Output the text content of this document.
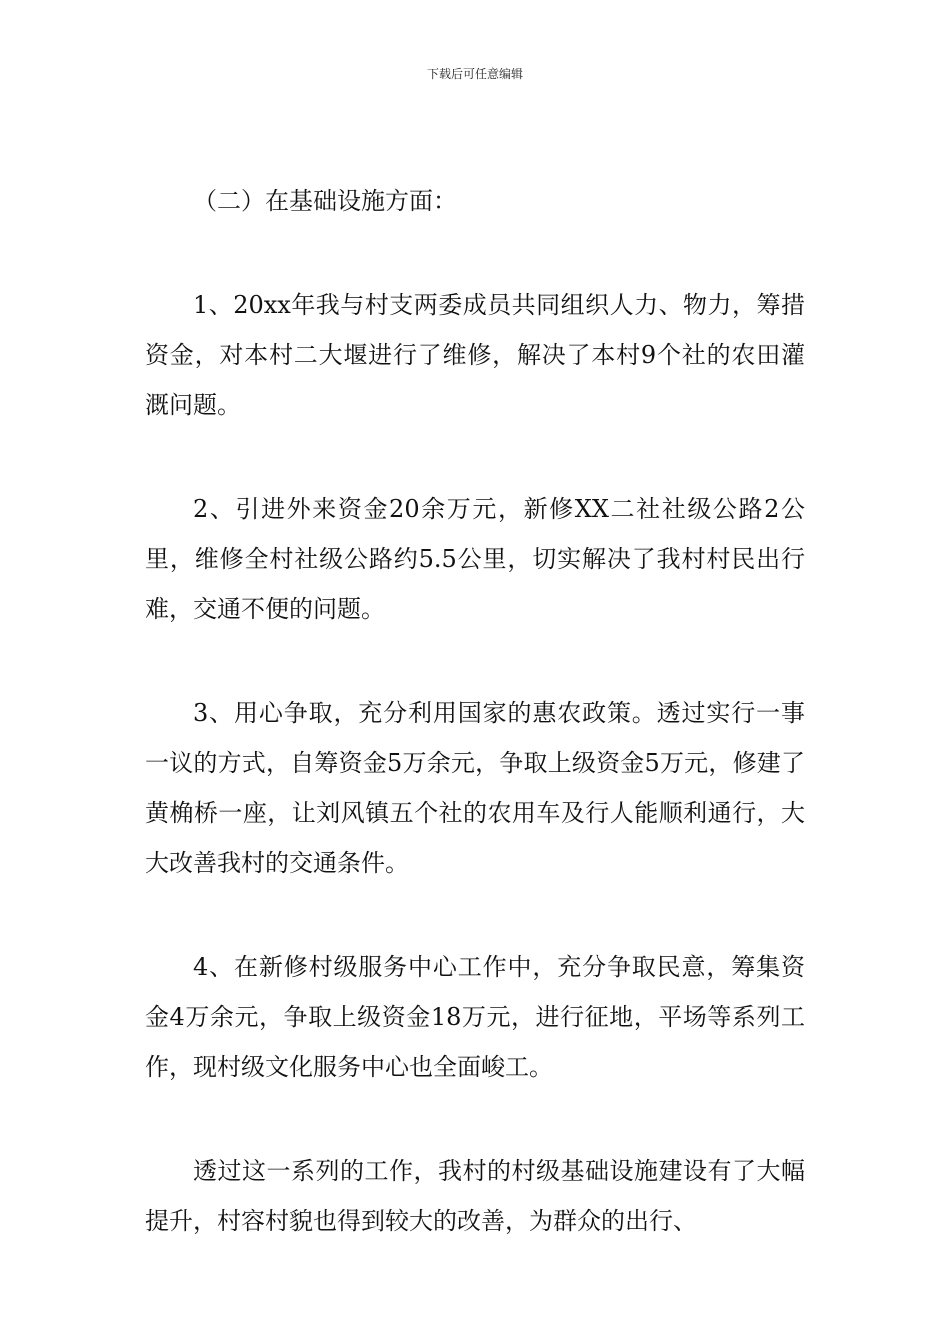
下载后可任意编辑

（二）在基础设施方面：

1、20xx年我与村支两委成员共同组织人力、物力，筹措资金，对本村二大堰进行了维修，解决了本村9个社的农田灌溉问题。

2、引进外来资金20余万元，新修XX二社社级公路2公里，维修全村社级公路约5.5公里，切实解决了我村村民出行难，交通不便的问题。

3、用心争取，充分利用国家的惠农政策。透过实行一事一议的方式，自筹资金5万余元，争取上级资金5万元，修建了黄桷桥一座，让刘风镇五个社的农用车及行人能顺利通行，大大改善我村的交通条件。

4、在新修村级服务中心工作中，充分争取民意，筹集资金4万余元，争取上级资金18万元，进行征地，平场等系列工作，现村级文化服务中心也全面峻工。

透过这一系列的工作，我村的村级基础设施建设有了大幅提升，村容村貌也得到较大的改善，为群众的出行、
